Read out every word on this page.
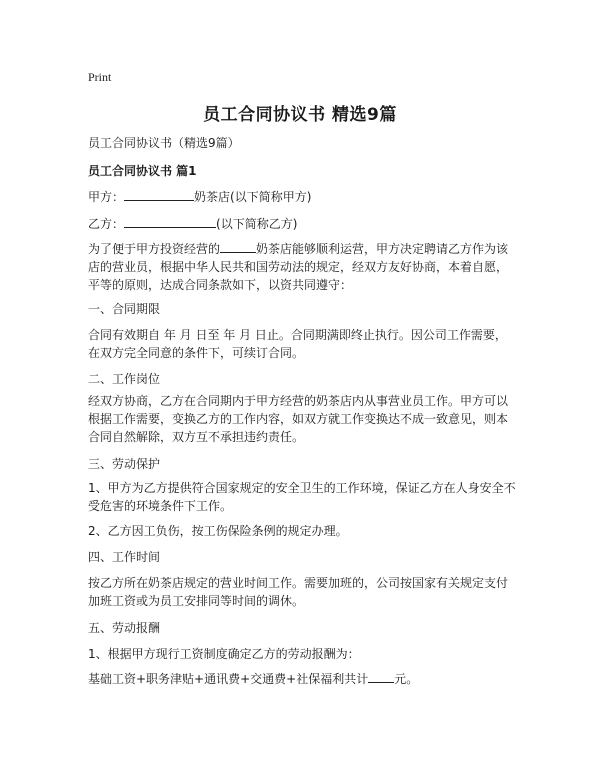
Print
员工合同协议书 精选9篇
员工合同协议书（精选9篇）
员工合同协议书 篇1
甲方：	奶茶店(以下简称甲方)
乙方：	(以下简称乙方)
为了便于甲方投资经营的	奶茶店能够顺利运营，甲方决定聘请乙方作为该店的营业员，根据中华人民共和国劳动法的规定，经双方友好协商，本着自愿，平等的原则，达成合同条款如下，以资共同遵守：
一、合同期限
合同有效期自 年 月 日至 年 月 日止。合同期满即终止执行。因公司工作需要，在双方完全同意的条件下，可续订合同。
二、工作岗位
经双方协商，乙方在合同期内于甲方经营的奶茶店内从事营业员工作。甲方可以根据工作需要，变换乙方的工作内容，如双方就工作变换达不成一致意见，则本合同自然解除，双方互不承担违约责任。
三、劳动保护
1、甲方为乙方提供符合国家规定的安全卫生的工作环境，保证乙方在人身安全不受危害的环境条件下工作。
2、乙方因工负伤，按工伤保险条例的规定办理。
四、工作时间
按乙方所在奶茶店规定的营业时间工作。需要加班的，公司按国家有关规定支付加班工资或为员工安排同等时间的调休。
五、劳动报酬
1、根据甲方现行工资制度确定乙方的劳动报酬为：
基础工资+职务津贴+通讯费+交通费+社保福利共计 元。
